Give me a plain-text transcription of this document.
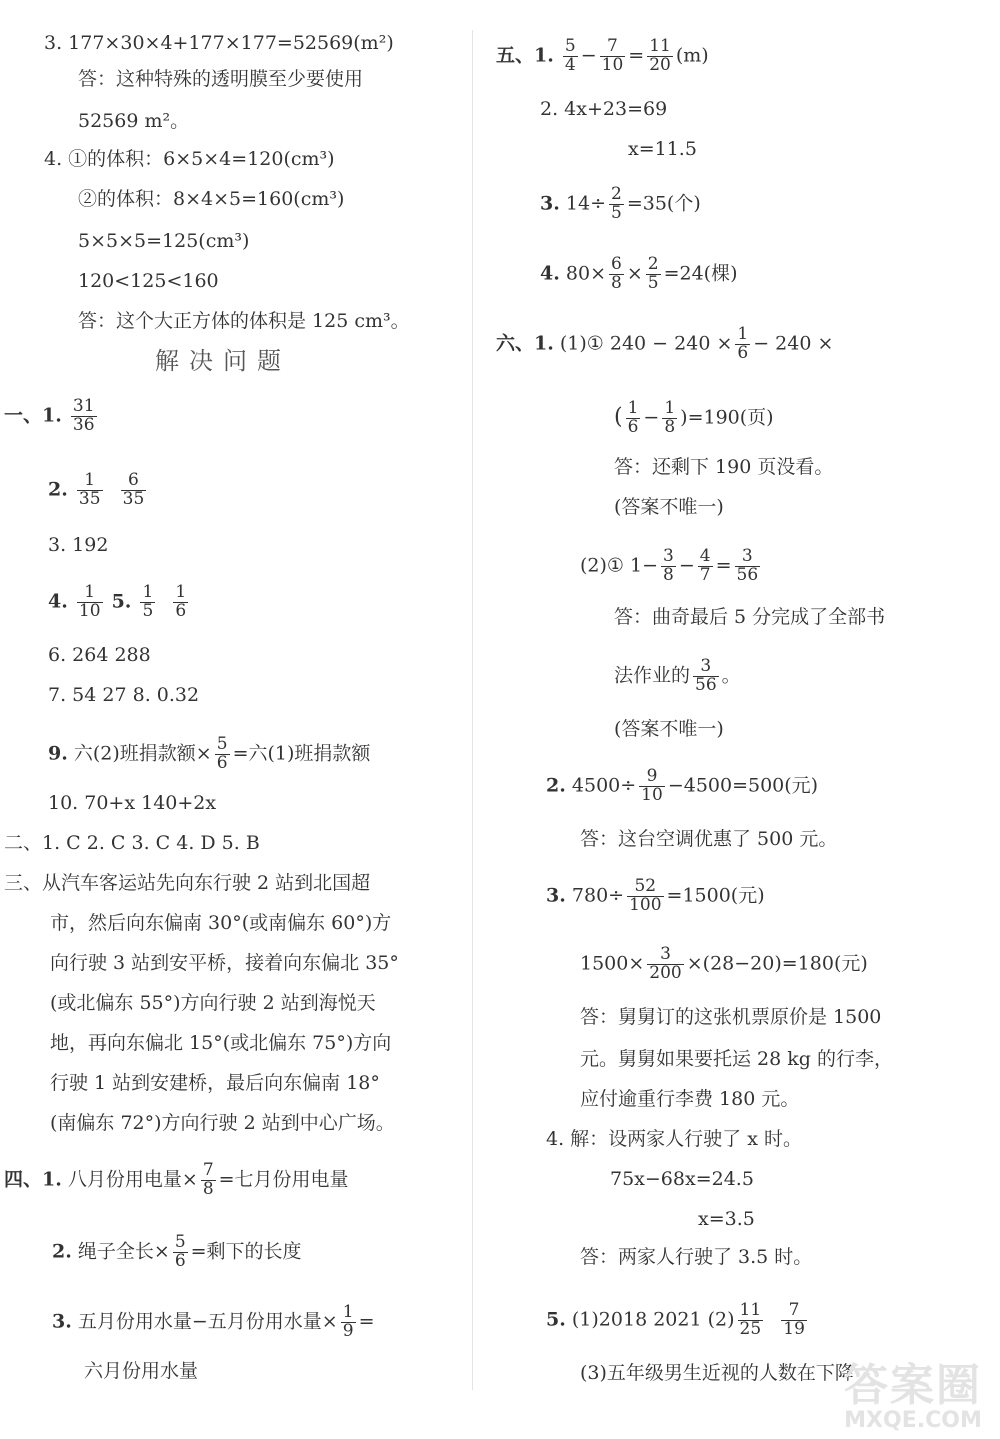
3. 177×30×4+177×177=52569(m²)
答：这种特殊的透明膜至少要使用
52569 m²。
4. ①的体积：6×5×4=120(cm³)
②的体积：8×4×5=160(cm³)
5×5×5=125(cm³)
120<125<160
答：这个大正方体的体积是 125 cm³。
解决问题
一、1. $\frac{31}{36}$
2. $\frac{1}{35}$
$\frac{6}{35}$
3. 192
4. $\frac{1}{10} 5$. $\frac{1}{5}$
$\frac{1}{6}$
6. 264 288
7. 54 27 8. 0.32
9. 六(2)班捐款额× $\frac{5}{6}$ =六(1)班捐款额
10. 70+x 140+2x
二、1. C 2. C 3. C 4. D 5. B
三、从汽车客运站先向东行驶 2 站到北国超
市，然后向东偏南 30°(或南偏东 60°)方
向行驶 3 站到安平桥，接着向东偏北 35°
(或北偏东 55°)方向行驶 2 站到海悦天
地，再向东偏北 15°(或北偏东 75°)方向
行驶 1 站到安建桥，最后向东偏南 18°
(南偏东 72°)方向行驶 2 站到中心广场。
四、1. 八月份用电量× $\frac{7}{8}$ =七月份用电量
2. 绳子全长× $\frac{5}{6}$ =剩下的长度
3. 五月份用水量−五月份用水量× $\frac{1}{9}$ =
六月份用水量
五、1. $\frac{5}{4} - \frac{7}{10} = \frac{11}{20} (m)$
2. 4x+23=69
x=11.5
3. $14\div \frac{2}{5} =35$(个)
4. $80\times \frac{6}{8} \times \frac{2}{5} =24$(棵)
六、1. (1)① $240 - 240 \times \frac{1}{6} - 240$ ×
( $\frac{1}{6} - \frac{1}{8} )=190$(页)
答：还剩下 190 页没看。
(答案不唯一)
(2)① $1- \frac{3}{8} - \frac{4}{7} = \frac{3}{56}$
答：曲奇最后 5 分完成了全部书
法作业的 $\frac{3}{56}$ 。
(答案不唯一)
2. $4500\div \frac{9}{10} -4500=500$(元)
答：这台空调优惠了 500 元。
3. $780\div \frac{52}{100} =1500$(元)
$1500\times \frac{3}{200} \times(28-20)=180$(元)
答：舅舅订的这张机票原价是 1500
元。舅舅如果要托运 28 kg 的行李，
应付逾重行李费 180 元。
4. 解：设两家人行驶了 x 时。
75x−68x=24.5
x=3.5
答：两家人行驶了 3.5 时。
5. (1)2018 2021 $(2) \frac{11}{25}$
$\frac{7}{19}$
(3)五年级男生近视的人数在下降
答案圈
MXQE.COM
